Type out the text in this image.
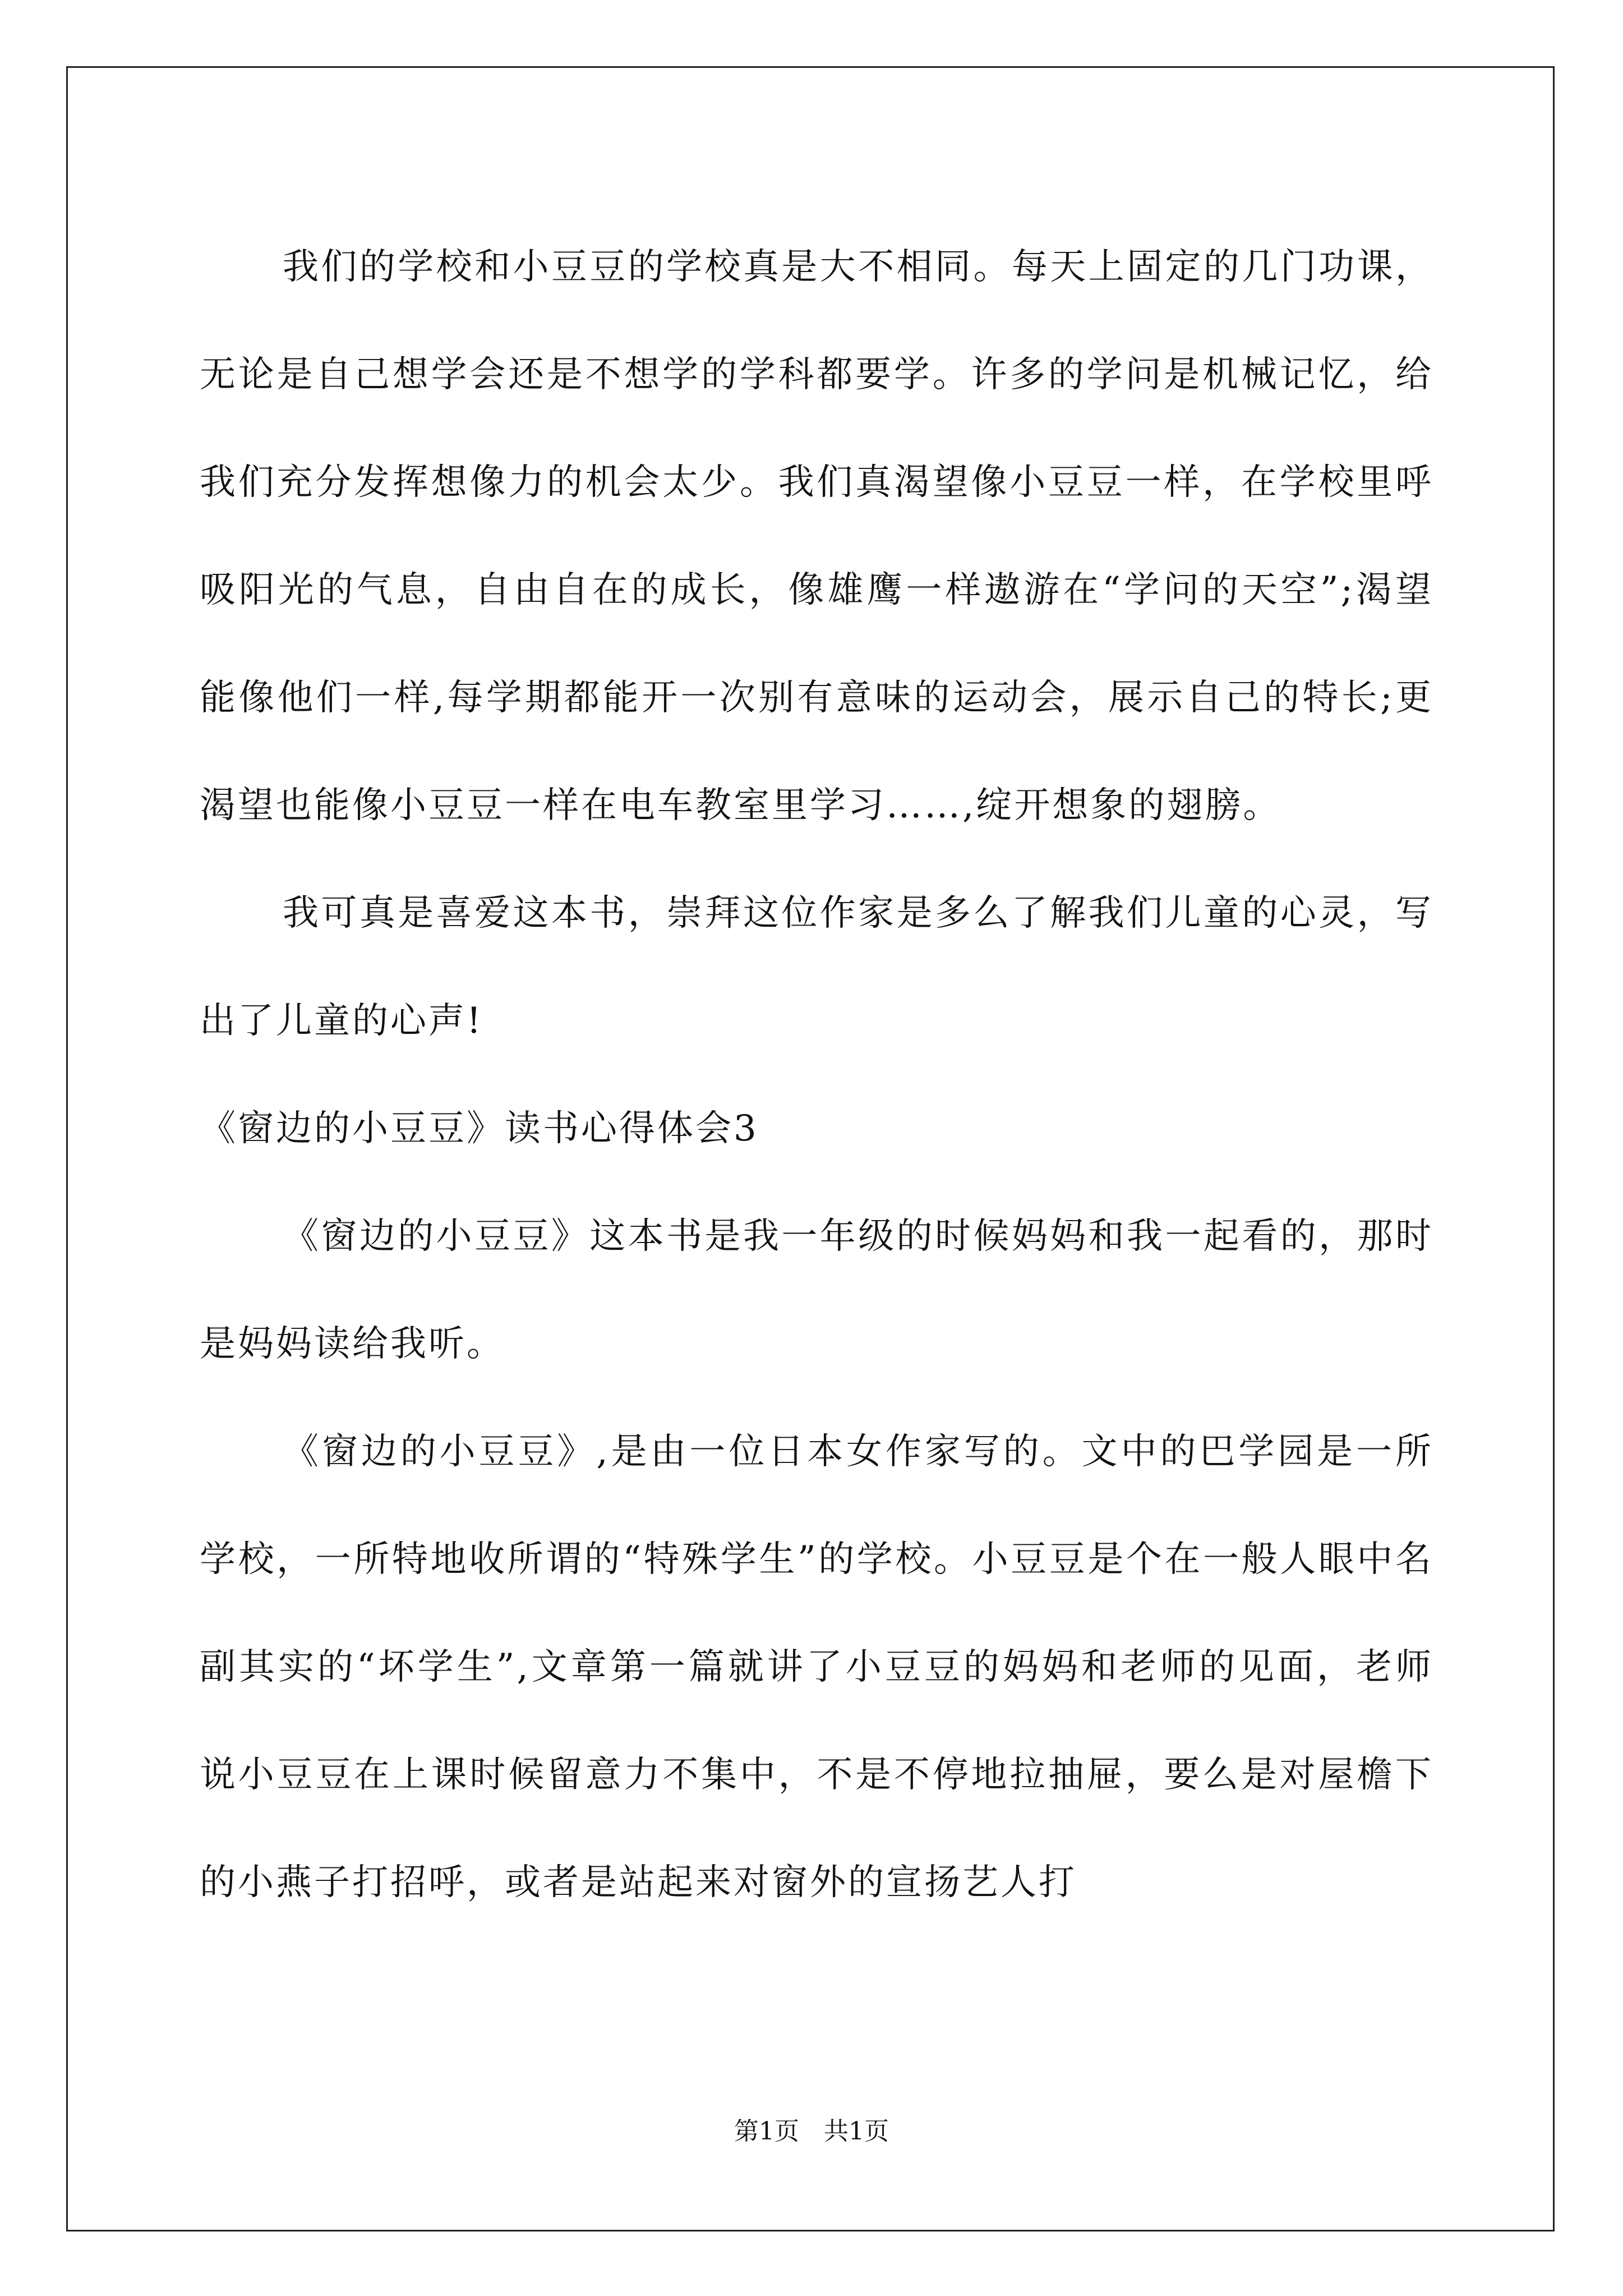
我们的学校和小豆豆的学校真是大不相同。每天上固定的几门功课，无论是自己想学会还是不想学的学科都要学。许多的学问是机械记忆，给我们充分发挥想像力的机会太少。我们真渴望像小豆豆一样，在学校里呼吸阳光的气息，自由自在的成长，像雄鹰一样遨游在“学问的天空”;渴望能像他们一样,每学期都能开一次别有意味的运动会，展示自己的特长;更渴望也能像小豆豆一样在电车教室里学习……,绽开想象的翅膀。

我可真是喜爱这本书，崇拜这位作家是多么了解我们儿童的心灵，写出了儿童的心声!

《窗边的小豆豆》读书心得体会3

《窗边的小豆豆》这本书是我一年级的时候妈妈和我一起看的，那时是妈妈读给我听。

《窗边的小豆豆》,是由一位日本女作家写的。文中的巴学园是一所学校，一所特地收所谓的“特殊学生”的学校。小豆豆是个在一般人眼中名副其实的“坏学生”,文章第一篇就讲了小豆豆的妈妈和老师的见面，老师说小豆豆在上课时候留意力不集中，不是不停地拉抽屉，要么是对屋檐下的小燕子打招呼，或者是站起来对窗外的宣扬艺人打

第1页　共1页
